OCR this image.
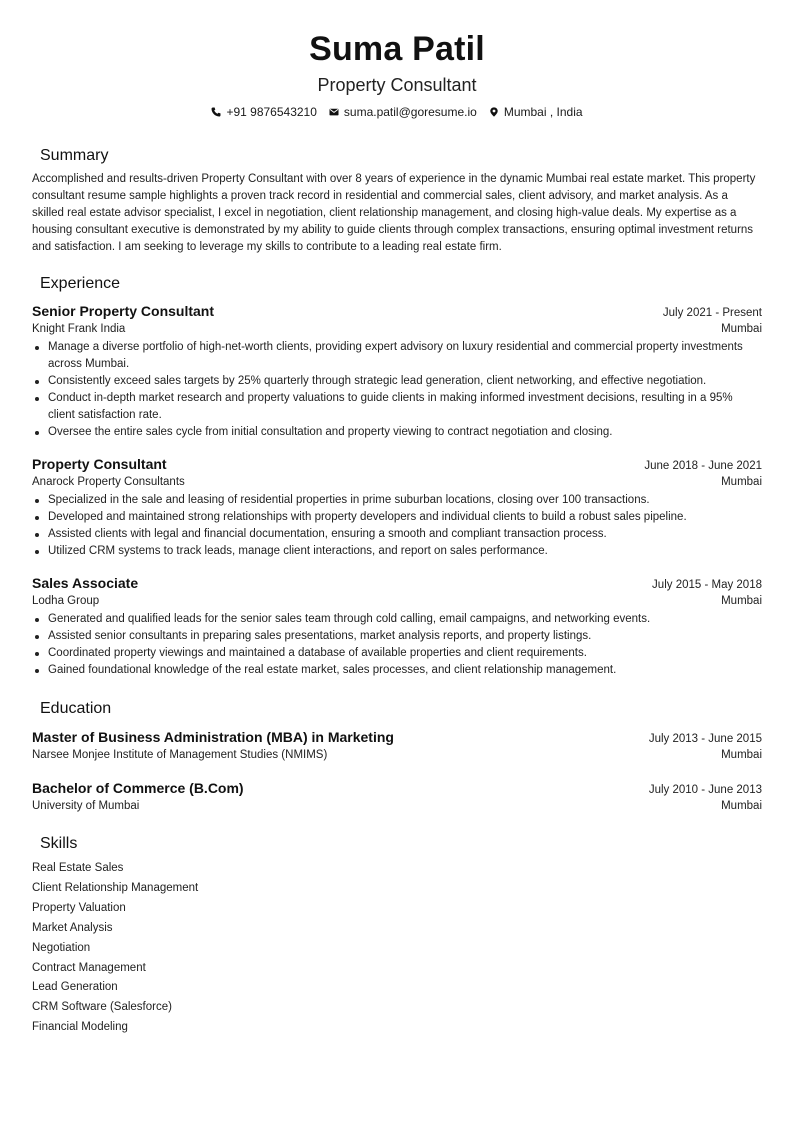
Suma Patil
Property Consultant
+91 9876543210 suma.patil@goresume.io Mumbai , India
Summary

Accomplished and results-driven Property Consultant with over 8 years of experience in the dynamic Mumbai real estate market. This property consultant resume sample highlights a proven track record in residential and commercial sales, client advisory, and market analysis. As a skilled real estate advisor specialist, I excel in negotiation, client relationship management, and closing high-value deals. My expertise as a housing consultant executive is demonstrated by my ability to guide clients through complex transactions, ensuring optimal investment returns and satisfaction. I am seeking to leverage my skills to contribute to a leading real estate firm.

Experience
Senior Property Consultant	July 2021 - Present
Knight Frank India	Mumbai
Manage a diverse portfolio of high-net-worth clients, providing expert advisory on luxury residential and commercial property investments across Mumbai.
Consistently exceed sales targets by 25% quarterly through strategic lead generation, client networking, and effective negotiation.
Conduct in-depth market research and property valuations to guide clients in making informed investment decisions, resulting in a 95% client satisfaction rate.
Oversee the entire sales cycle from initial consultation and property viewing to contract negotiation and closing.
Property Consultant	June 2018 - June 2021
Anarock Property Consultants	Mumbai
Specialized in the sale and leasing of residential properties in prime suburban locations, closing over 100 transactions.
Developed and maintained strong relationships with property developers and individual clients to build a robust sales pipeline.
Assisted clients with legal and financial documentation, ensuring a smooth and compliant transaction process.
Utilized CRM systems to track leads, manage client interactions, and report on sales performance.
Sales Associate	July 2015 - May 2018
Lodha Group	Mumbai
Generated and qualified leads for the senior sales team through cold calling, email campaigns, and networking events.
Assisted senior consultants in preparing sales presentations, market analysis reports, and property listings.
Coordinated property viewings and maintained a database of available properties and client requirements.
Gained foundational knowledge of the real estate market, sales processes, and client relationship management.
Education
Master of Business Administration (MBA) in Marketing	July 2013 - June 2015
Narsee Monjee Institute of Management Studies (NMIMS)	Mumbai
Bachelor of Commerce (B.Com)	July 2010 - June 2013
University of Mumbai	Mumbai
Skills
Real Estate Sales
Client Relationship Management
Property Valuation
Market Analysis
Negotiation
Contract Management
Lead Generation
CRM Software (Salesforce)
Financial Modeling
